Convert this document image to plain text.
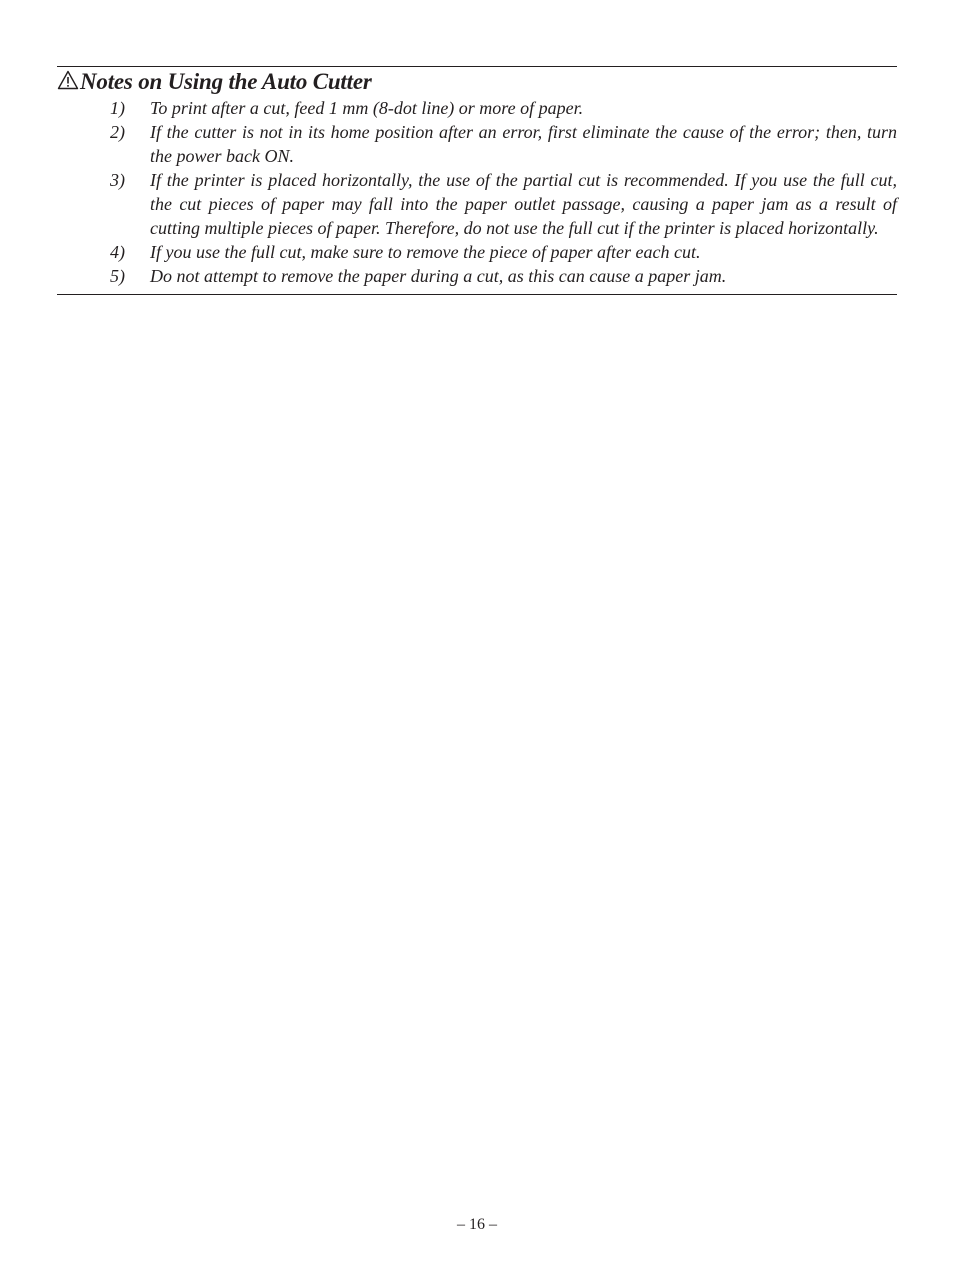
Notes on Using the Auto Cutter
1)	To print after a cut, feed 1 mm (8-dot line) or more of paper.
2)	If the cutter is not in its home position after an error, first eliminate the cause of the error; then, turn the power back ON.
3)	If the printer is placed horizontally, the use of the partial cut is recommended. If you use the full cut, the cut pieces of paper may fall into the paper outlet passage, causing a paper jam as a result of cutting multiple pieces of paper. Therefore, do not use the full cut if the printer is placed horizontally.
4)	If you use the full cut, make sure to remove the piece of paper after each cut.
5)	Do not attempt to remove the paper during a cut, as this can cause a paper jam.
– 16 –
